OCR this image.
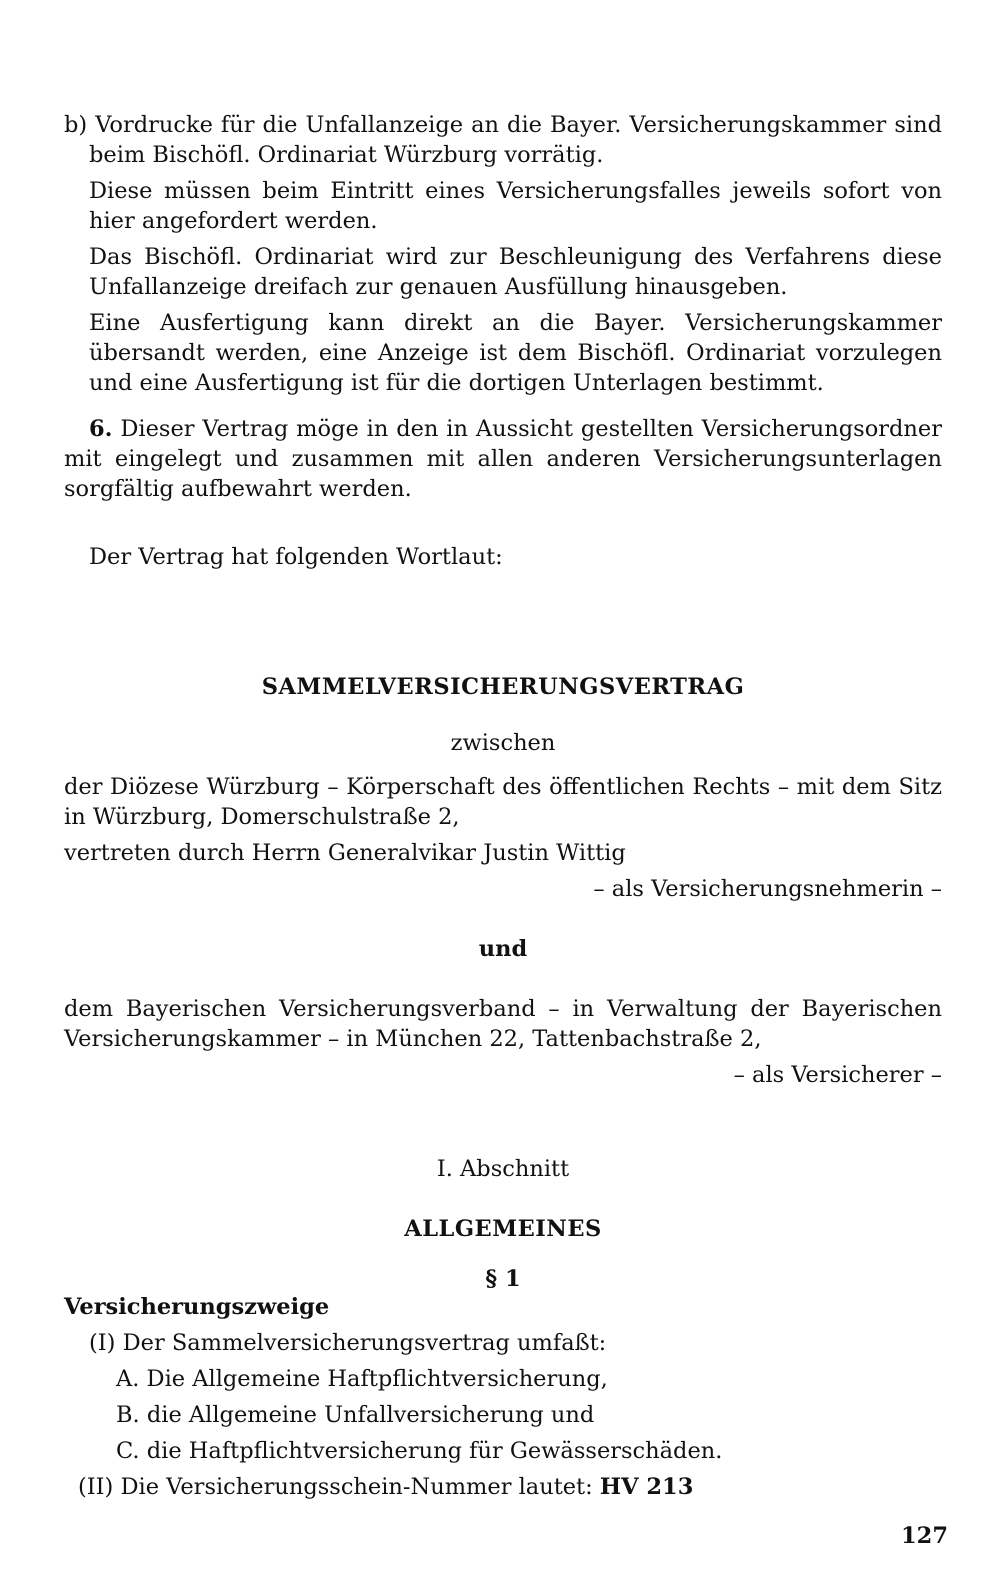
b) Vordrucke für die Unfallanzeige an die Bayer. Versicherungskammer sind beim Bischöfl. Ordinariat Würzburg vorrätig.
Diese müssen beim Eintritt eines Versicherungsfalles jeweils sofort von hier angefordert werden.
Das Bischöfl. Ordinariat wird zur Beschleunigung des Verfahrens diese Unfallanzeige dreifach zur genauen Ausfüllung hinausgeben.
Eine Ausfertigung kann direkt an die Bayer. Versicherungskammer übersandt werden, eine Anzeige ist dem Bischöfl. Ordinariat vorzulegen und eine Ausfertigung ist für die dortigen Unterlagen bestimmt.
6. Dieser Vertrag möge in den in Aussicht gestellten Versicherungsordner mit eingelegt und zusammen mit allen anderen Versicherungsunterlagen sorgfältig aufbewahrt werden.
Der Vertrag hat folgenden Wortlaut:
SAMMELVERSICHERUNGSVERTRAG
zwischen
der Diözese Würzburg – Körperschaft des öffentlichen Rechts – mit dem Sitz in Würzburg, Domerschulstraße 2,
vertreten durch Herrn Generalvikar Justin Wittig
– als Versicherungsnehmerin –
und
dem Bayerischen Versicherungsverband – in Verwaltung der Bayerischen Versicherungskammer – in München 22, Tattenbachstraße 2,
– als Versicherer –
I. Abschnitt
ALLGEMEINES
§ 1
Versicherungszweige
(I) Der Sammelversicherungsvertrag umfaßt:
A. Die Allgemeine Haftpflichtversicherung,
B. die Allgemeine Unfallversicherung und
C. die Haftpflichtversicherung für Gewässerschäden.
(II) Die Versicherungsschein-Nummer lautet: HV 213
127
